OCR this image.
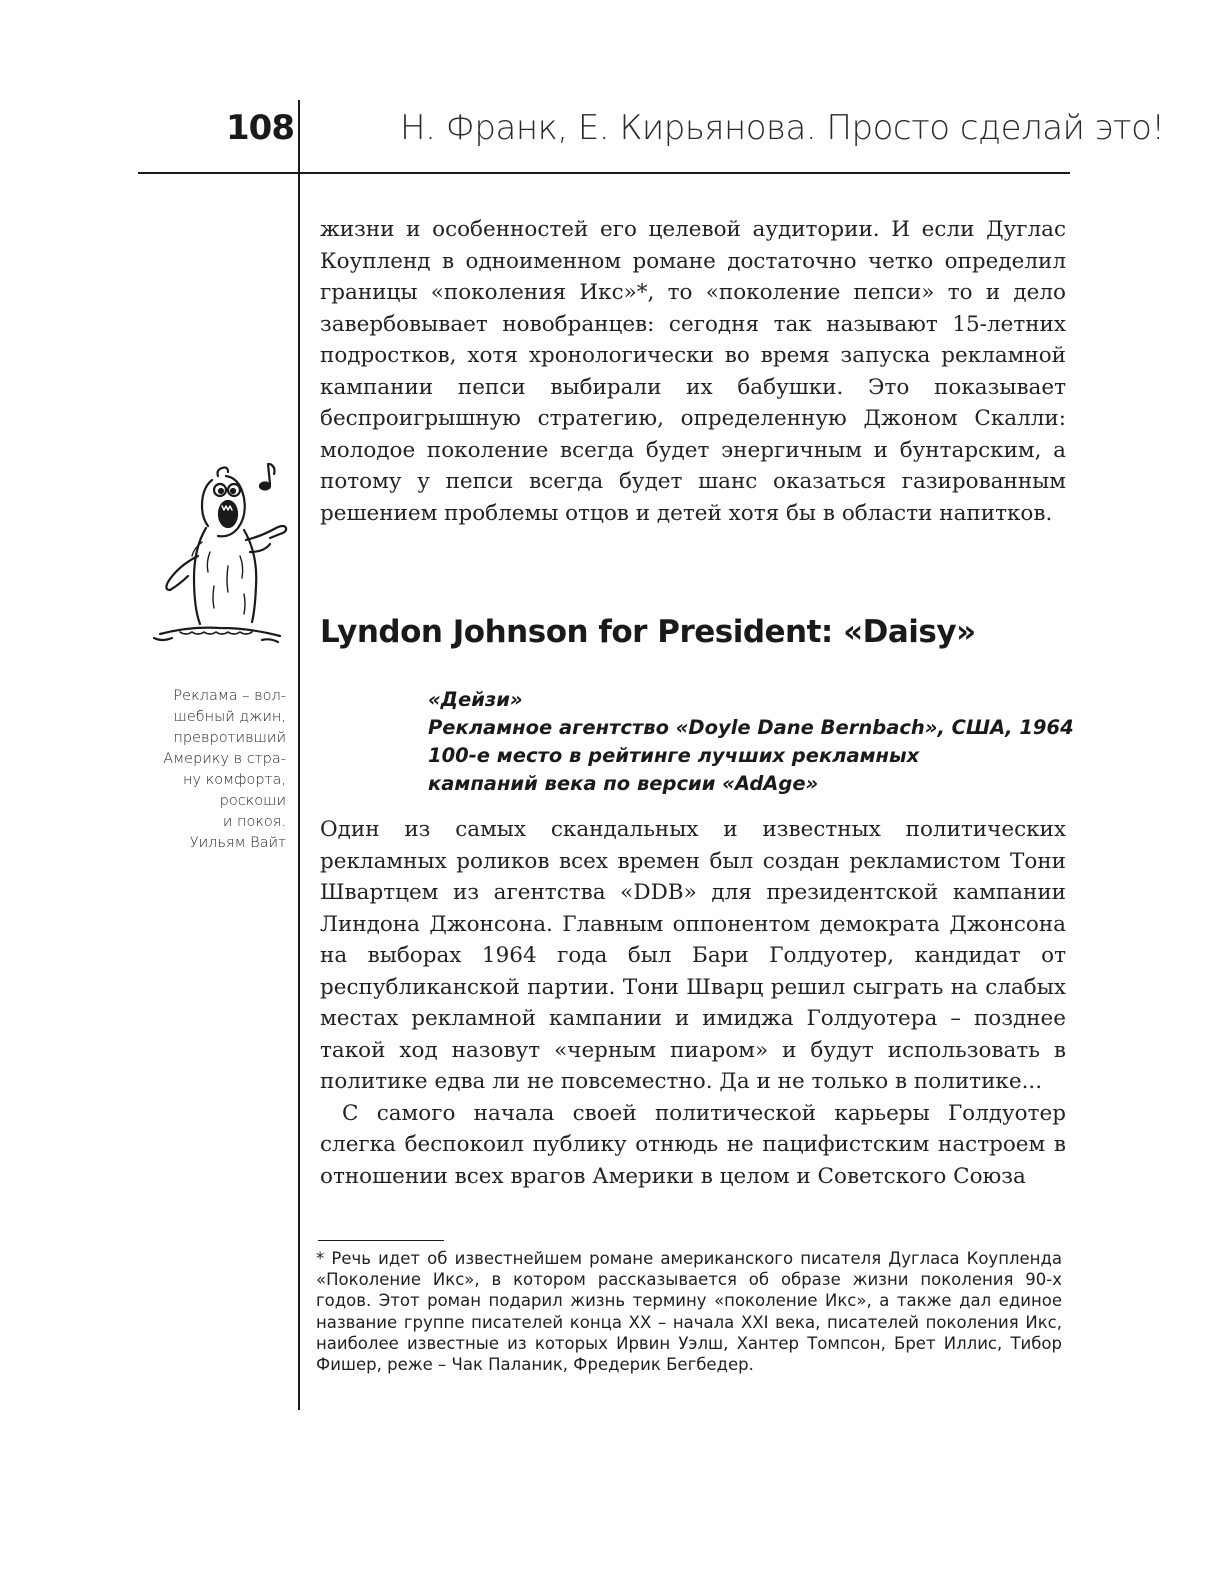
108	Н. Франк, Е. Кирьянова. Просто сделай это!
жизни и особенностей его целевой аудитории. И если Дуглас Коупленд в одноименном романе достаточно четко определил границы «поколения Икс»*, то «поколение пепси» то и дело завербовывает новобранцев: сегодня так называют 15-летних подростков, хотя хронологически во время запуска рекламной кампании пепси выбирали их бабушки. Это показывает беспроигрышную стратегию, определенную Джоном Скалли: молодое поколение всегда будет энергичным и бунтарским, а потому у пепси всегда будет шанс оказаться газированным решением проблемы отцов и детей хотя бы в области напитков.
Lyndon Johnson for President: «Daisy»
«Дейзи»
Рекламное агентство «Doyle Dane Bernbach», США, 1964
100-е место в рейтинге лучших рекламных
кампаний века по версии «AdAge»

Один из самых скандальных и известных политических рекламных роликов всех времен был создан рекламистом Тони Швартцем из агентства «DDB» для президентской кампании Линдона Джонсона. Главным оппонентом демократа Джонсона на выборах 1964 года был Бари Голдуотер, кандидат от республиканской партии. Тони Шварц решил сыграть на слабых местах рекламной кампании и имиджа Голдуотера – позднее такой ход назовут «черным пиаром» и будут использовать в политике едва ли не повсеместно. Да и не только в политике...

С самого начала своей политической карьеры Голдуотер слегка беспокоил публику отнюдь не пацифистским настроем в отношении всех врагов Америки в целом и Советского Союза

* Речь идет об известнейшем романе американского писателя Дугласа Коупленда «Поколение Икс», в котором рассказывается об образе жизни поколения 90-х годов. Этот роман подарил жизнь термину «поколение Икс», а также дал единое название группе писателей конца XX – начала XXI века, писателей поколения Икс, наиболее известные из которых Ирвин Уэлш, Хантер Томпсон, Брет Иллис, Тибор Фишер, реже – Чак Паланик, Фредерик Бегбедер.
Реклама – вол-
шебный джин,
превротивший
Америку в стра-
ну комфорта,
роскоши
и покоя.
Уильям Вайт
